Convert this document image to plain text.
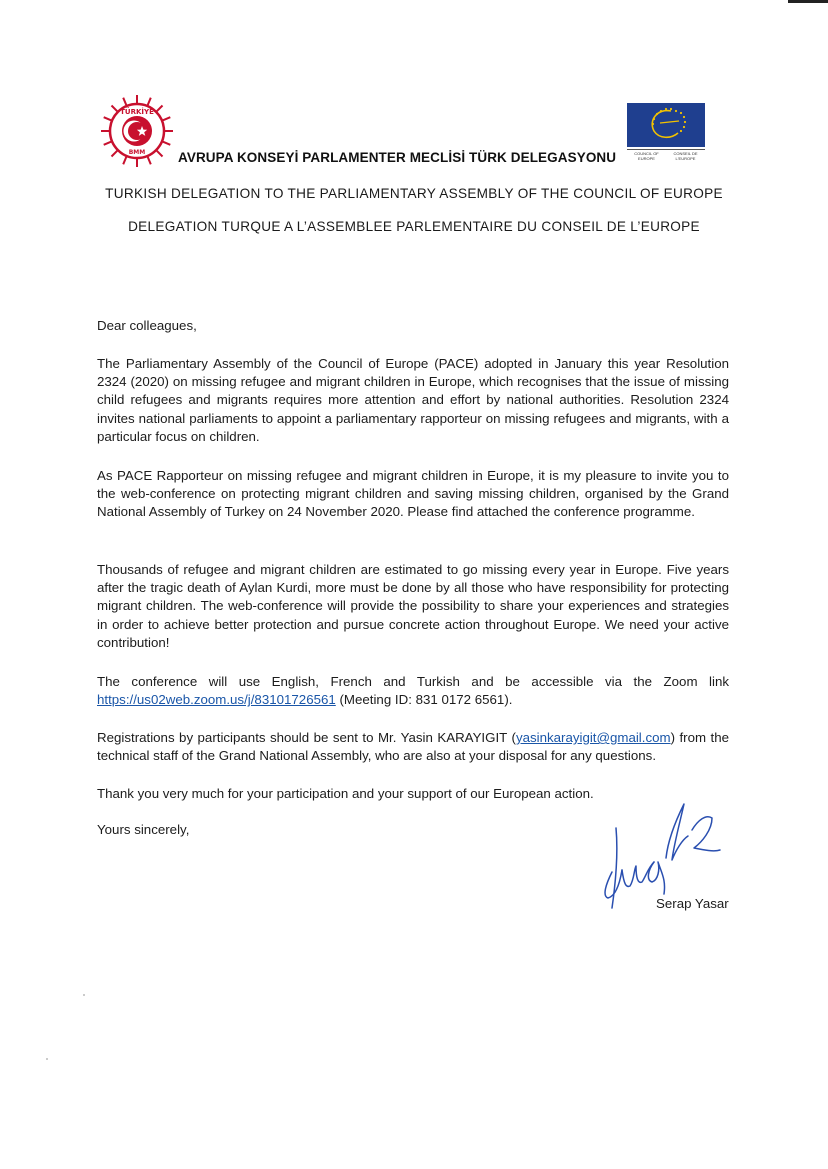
TÜRKİYE
BMM	COUNCIL OF EUROPE
CONSEIL DE L'EUROPE
AVRUPA KONSEYİ PARLAMENTER MECLİSİ TÜRK DELEGASYONU
TURKISH DELEGATION TO THE PARLIAMENTARY ASSEMBLY OF THE COUNCIL OF EUROPE
DELEGATION TURQUE A L’ASSEMBLEE PARLEMENTAIRE DU CONSEIL DE L’EUROPE

Dear colleagues,

The Parliamentary Assembly of the Council of Europe (PACE) adopted in January this year Resolution 2324 (2020) on missing refugee and migrant children in Europe, which recognises that the issue of missing child refugees and migrants requires more attention and effort by national authorities. Resolution 2324 invites national parliaments to appoint a parliamentary rapporteur on missing refugees and migrants, with a particular focus on children.

As PACE Rapporteur on missing refugee and migrant children in Europe, it is my pleasure to invite you to the web-conference on protecting migrant children and saving missing children, organised by the Grand National Assembly of Turkey on 24 November 2020. Please find attached the conference programme.

Thousands of refugee and migrant children are estimated to go missing every year in Europe. Five years after the tragic death of Aylan Kurdi, more must be done by all those who have responsibility for protecting migrant children. The web-conference will provide the possibility to share your experiences and strategies in order to achieve better protection and pursue concrete action throughout Europe. We need your active contribution!

The conference will use English, French and Turkish and be accessible via the Zoom link https://us02web.zoom.us/j/83101726561 (Meeting ID: 831 0172 6561).

Registrations by participants should be sent to Mr. Yasin KARAYIGIT (yasinkarayigit@gmail.com) from the technical staff of the Grand National Assembly, who are also at your disposal for any questions.

Thank you very much for your participation and your support of our European action.

Yours sincerely,

Serap Yasar
